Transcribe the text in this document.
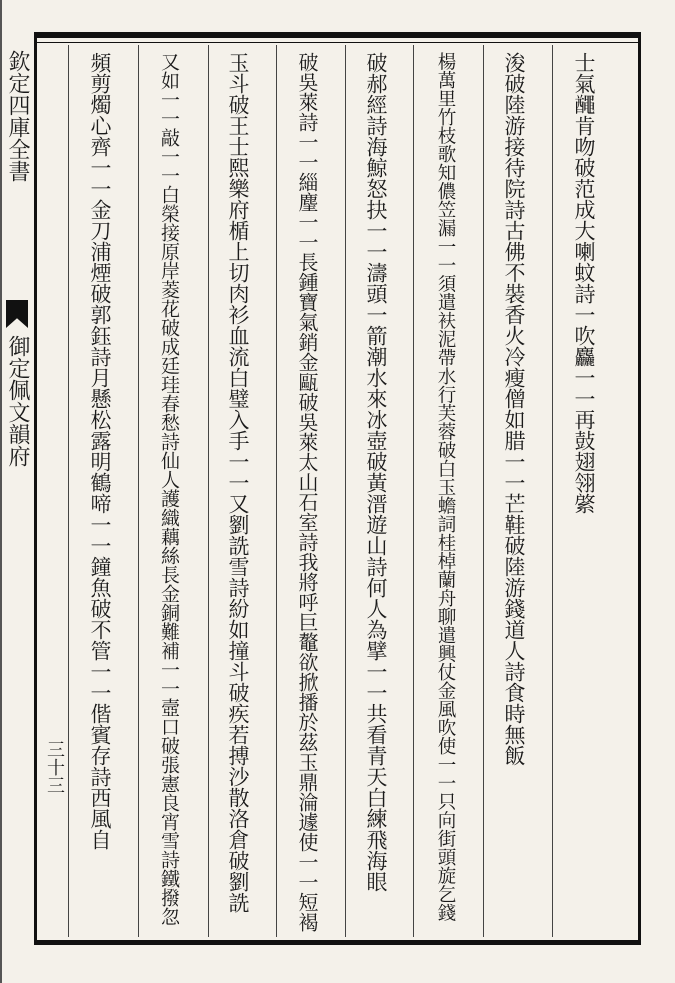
欽定四庫全書
御定佩文韻府
三十三
士氣𪓰肯吻破范成大喇蚊詩一吹麤一一再鼔翅翎綮
浚破陸游接待院詩古佛不裝香火冷瘦僧如腊一一芒鞋破陸游錢道人詩食時無飯
楊萬里竹枝歌知儂笠漏一一須遣衭泥帶水行芙蓉破白玉蟾詞桂棹蘭舟聊遣興仗金風吹使一一只向街頭旋乞錢
破郝經詩海鯨怒抉一一濤頭一箭潮水來冰壺破黃溍遊山詩何人為擘一一共看青天白練飛海眼
破吳萊詩一一緇麈一一長鍾寶氣銷金甌破吳萊太山石室詩我將呼巨鼇欲掀播於茲玉鼎淪遽使一一短褐
玉斗破王士熙樂府楯上切肉衫血流白璧入手一一又劉詵雪詩紛如撞斗破疾若搏沙散洛倉破劉詵
又如一一敲一一白榮接原岸菱花破成廷珪春愁詩仙人護織藕絲長金銅難補一一壼口破張憲良宵雪詩鐵撥忽
頻剪燭心齊一一金刀浦煙破郭鈺詩月懸松露明鶴啼一一鐘魚破不管一一偕賓存詩西風自
